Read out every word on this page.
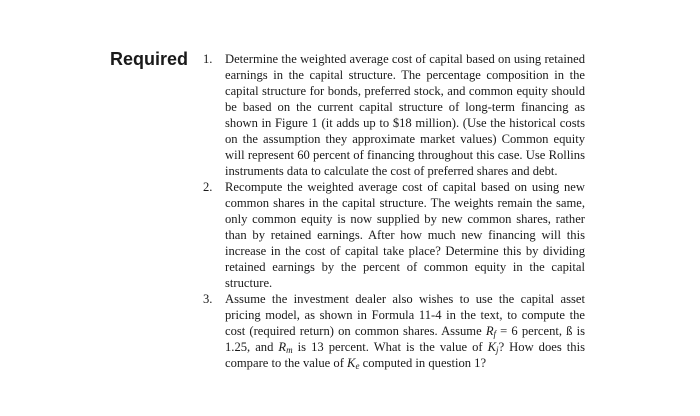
Required 1. Determine the weighted average cost of capital based on using retained earnings in the capital structure. The percentage composition in the capital structure for bonds, preferred stock, and common equity should be based on the current capital structure of long-term financing as shown in Figure 1 (it adds up to $18 million). (Use the historical costs on the assumption they approximate market values) Common equity will represent 60 percent of financing throughout this case. Use Rollins instruments data to calculate the cost of preferred shares and debt.
2. Recompute the weighted average cost of capital based on using new common shares in the capital structure. The weights remain the same, only common equity is now supplied by new common shares, rather than by retained earnings. After how much new financing will this increase in the cost of capital take place? Determine this by dividing retained earnings by the percent of common equity in the capital structure.
3. Assume the investment dealer also wishes to use the capital asset pricing model, as shown in Formula 11-4 in the text, to compute the cost (required return) on common shares. Assume $R_f = 6$ percent, ß is 1.25, and $R_m$ is 13 percent. What is the value of $K_j$? How does this compare to the value of $K_e$ computed in question 1?
